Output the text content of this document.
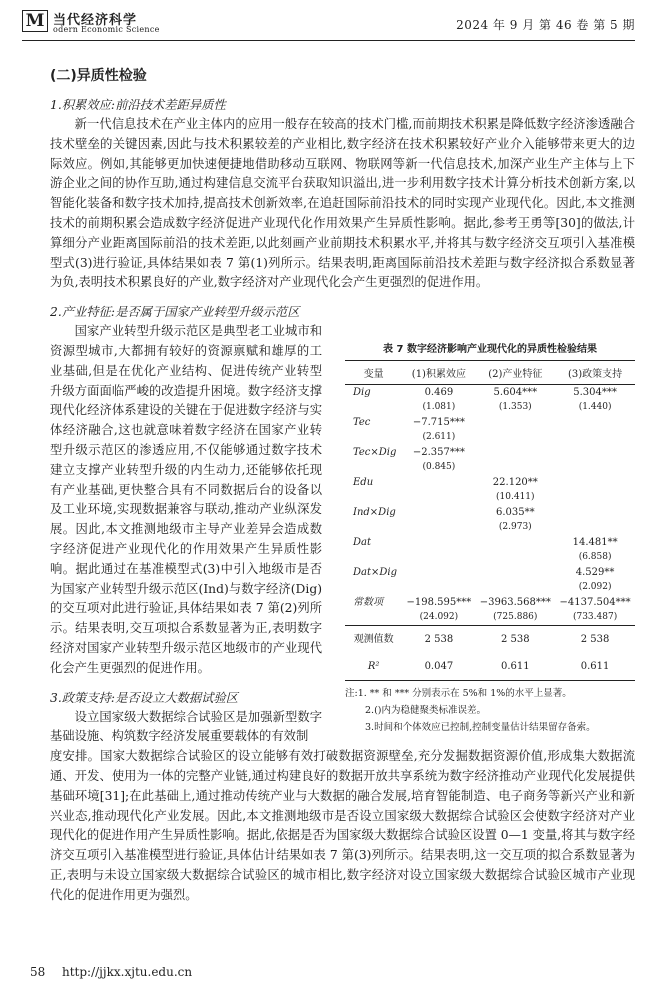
M 当代经济科学
odern Economic Science	2024 年 9 月 第 46 卷 第 5 期
(二)异质性检验
1.积累效应:前沿技术差距异质性

新一代信息技术在产业主体内的应用一般存在较高的技术门槛,而前期技术积累是降低数字经济渗透融合技术壁垒的关键因素,因此与技术积累较差的产业相比,数字经济在技术积累较好产业介入能够带来更大的边际效应。例如,其能够更加快速便捷地借助移动互联网、物联网等新一代信息技术,加深产业生产主体与上下游企业之间的协作互助,通过构建信息交流平台获取知识溢出,进一步利用数字技术计算分析技术创新方案,以智能化装备和数字技术加持,提高技术创新效率,在追赶国际前沿技术的同时实现产业现代化。因此,本文推测技术的前期积累会造成数字经济促进产业现代化作用效果产生异质性影响。据此,参考王勇等[30]的做法,计算细分产业距离国际前沿的技术差距,以此刻画产业前期技术积累水平,并将其与数字经济交互项引入基准模型式(3)进行验证,具体结果如表 7 第(1)列所示。结果表明,距离国际前沿技术差距与数字经济拟合系数显著为负,表明技术积累良好的产业,数字经济对产业现代化会产生更强烈的促进作用。

2.产业特征:是否属于国家产业转型升级示范区

国家产业转型升级示范区是典型老工业城市和资源型城市,大都拥有较好的资源禀赋和雄厚的工业基础,但是在优化产业结构、促进传统产业转型升级方面面临严峻的改造提升困境。数字经济支撑现代化经济体系建设的关键在于促进数字经济与实体经济融合,这也就意味着数字经济在国家产业转型升级示范区的渗透应用,不仅能够通过数字技术建立支撑产业转型升级的内生动力,还能够依托现有产业基础,更快整合具有不同数据后台的设备以及工业环境,实现数据兼容与联动,推动产业纵深发展。因此,本文推测地级市主导产业差异会造成数字经济促进产业现代化的作用效果产生异质性影响。据此通过在基准模型式(3)中引入地级市是否为国家产业转型升级示范区(Ind)与数字经济(Dig)的交互项对此进行验证,具体结果如表 7 第(2)列所示。结果表明,交互项拟合系数显著为正,表明数字经济对国家产业转型升级示范区地级市的产业现代化会产生更强烈的促进作用。

3.政策支持:是否设立大数据试验区

设立国家级大数据综合试验区是加强新型数字基础设施、构筑数字经济发展重要载体的有效制

度安排。国家大数据综合试验区的设立能够有效打破数据资源壁垒,充分发掘数据资源价值,形成集大数据流通、开发、使用为一体的完整产业链,通过构建良好的数据开放共享系统为数字经济推动产业现代化发展提供基础环境[31];在此基础上,通过推动传统产业与大数据的融合发展,培育智能制造、电子商务等新兴产业和新兴业态,推动现代化产业发展。因此,本文推测地级市是否设立国家级大数据综合试验区会使数字经济对产业现代化的促进作用产生异质性影响。据此,依据是否为国家级大数据综合试验区设置 0—1 变量,将其与数字经济交互项引入基准模型进行验证,具体估计结果如表 7 第(3)列所示。结果表明,这一交互项的拟合系数显著为正,表明与未设立国家级大数据综合试验区的城市相比,数字经济对设立国家级大数据综合试验区城市产业现代化的促进作用更为强烈。

表 7 数字经济影响产业现代化的异质性检验结果
变量	(1)积累效应	(2)产业特征	(3)政策支持
Dig	0.469	5.604***	5.304***
	(1.081)	(1.353)	(1.440)
Tec	−7.715***		
	(2.611)		
Tec×Dig	−2.357***		
	(0.845)		
Edu		22.120**	
		(10.411)	
Ind×Dig		6.035**	
		(2.973)	
Dat			14.481**
			(6.858)
Dat×Dig			4.529**
			(2.092)
常数项	−198.595***	−3963.568***	−4137.504***
	(24.092)	(725.886)	(733.487)
观测值数	2 538	2 538	2 538
R²	0.047	0.611	0.611
注:1. ** 和 *** 分别表示在 5%和 1%的水平上显著。
2.()内为稳健聚类标准误差。
3.时间和个体效应已控制,控制变量估计结果留存备索。
58 http://jjkx.xjtu.edu.cn
